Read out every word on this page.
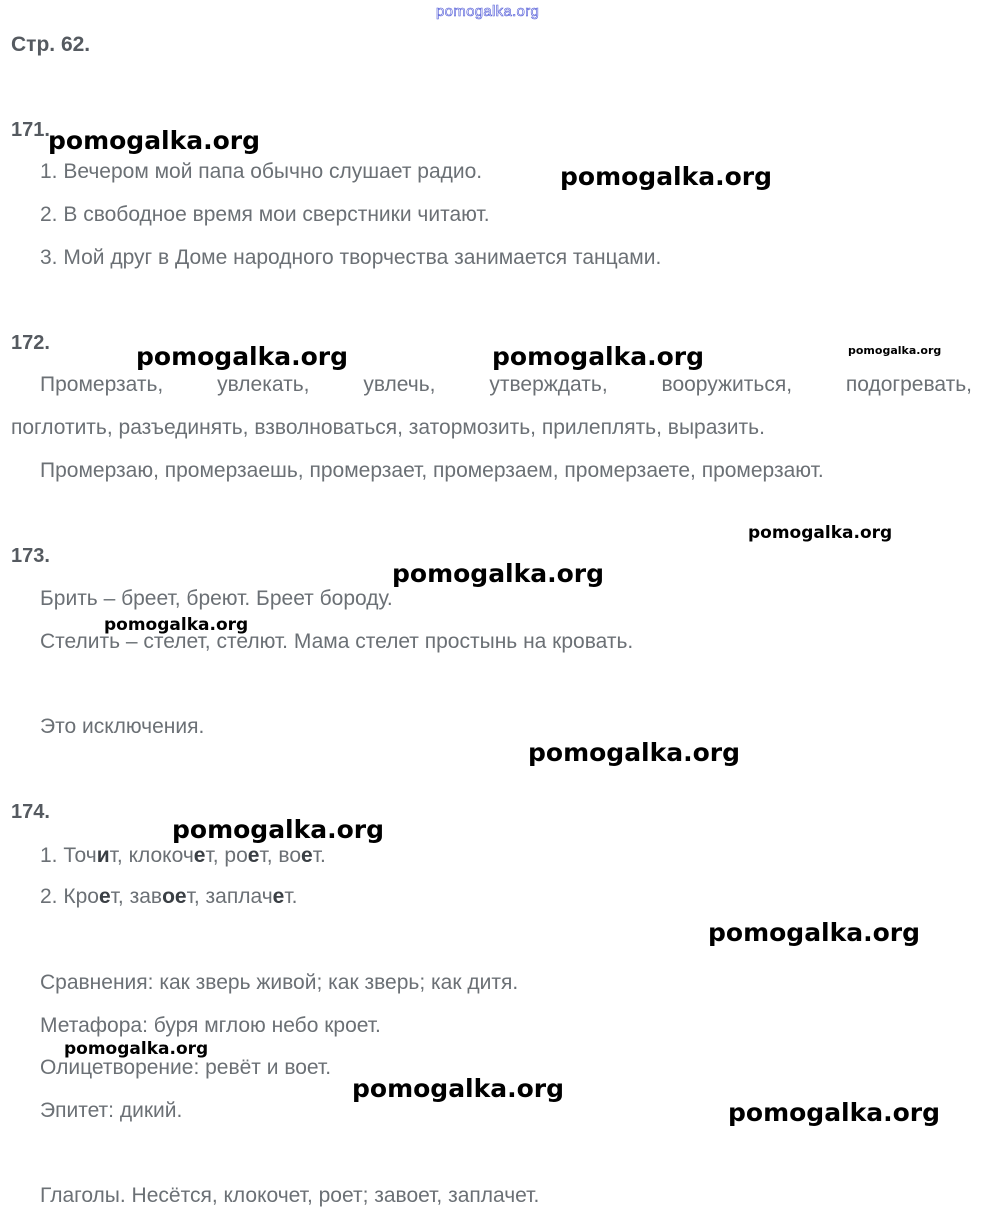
pomogalka.org
Стр. 62.
171.
1. Вечером мой папа обычно слушает радио.
2. В свободное время мои сверстники читают.
3. Мой друг в Доме народного творчества занимается танцами.
172.
Промерзать,	увлекать,	увлечь,	утверждать,	вооружиться,	подогревать,
поглотить, разъединять, взволноваться, затормозить, прилеплять, выразить.
Промерзаю, промерзаешь, промерзает, промерзаем, промерзаете, промерзают.
173.
Брить – бреет, бреют. Бреет бороду.
Стелить – стелет, стелют. Мама стелет простынь на кровать.
Это исключения.
174.
1. Точит, клокочет, роет, воет.
2. Кроет, завоет, заплачет.
Сравнения: как зверь живой; как зверь; как дитя.
Метафора: буря мглою небо кроет.
Олицетворение: ревёт и воет.
Эпитет: дикий.
Глаголы. Несётся, клокочет, роет; завоет, заплачет.
pomogalka.org
pomogalka.org
pomogalka.org	pomogalka.org	pomogalka.org
pomogalka.org
pomogalka.org
pomogalka.org
pomogalka.org
pomogalka.org
pomogalka.org
pomogalka.org
pomogalka.org
pomogalka.org
